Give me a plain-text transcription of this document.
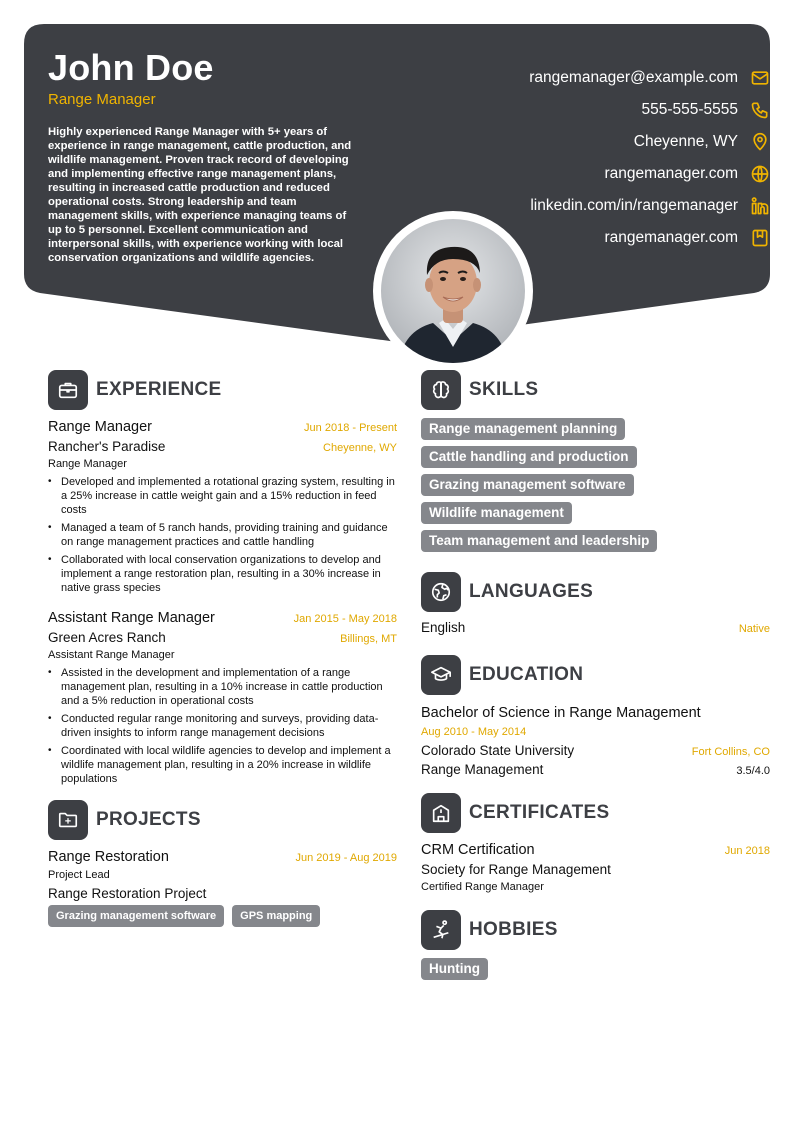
John Doe
Range Manager
Highly experienced Range Manager with 5+ years of experience in range management, cattle production, and wildlife management. Proven track record of developing and implementing effective range management plans, resulting in increased cattle production and reduced operational costs. Strong leadership and team management skills, with experience managing teams of up to 5 personnel. Excellent communication and interpersonal skills, with experience working with local conservation organizations and wildlife agencies.
rangemanager@example.com
555-555-5555
Cheyenne, WY
rangemanager.com
linkedin.com/in/rangemanager
rangemanager.com
EXPERIENCE
Range Manager	Jun 2018 - Present
Rancher's Paradise	Cheyenne, WY
Range Manager
• Developed and implemented a rotational grazing system, resulting in a 25% increase in cattle weight gain and a 15% reduction in feed costs
• Managed a team of 5 ranch hands, providing training and guidance on range management practices and cattle handling
• Collaborated with local conservation organizations to develop and implement a range restoration plan, resulting in a 30% increase in native grass species
Assistant Range Manager	Jan 2015 - May 2018
Green Acres Ranch	Billings, MT
Assistant Range Manager
• Assisted in the development and implementation of a range management plan, resulting in a 10% increase in cattle production and a 5% reduction in operational costs
• Conducted regular range monitoring and surveys, providing data-driven insights to inform range management decisions
• Coordinated with local wildlife agencies to develop and implement a wildlife management plan, resulting in a 20% increase in wildlife populations
PROJECTS
Range Restoration	Jun 2019 - Aug 2019
Project Lead
Range Restoration Project
Grazing management software	GPS mapping
SKILLS
Range management planning
Cattle handling and production
Grazing management software
Wildlife management
Team management and leadership
LANGUAGES
English	Native
EDUCATION
Bachelor of Science in Range Management
Aug 2010 - May 2014
Colorado State University	Fort Collins, CO
Range Management	3.5/4.0
CERTIFICATES
CRM Certification	Jun 2018
Society for Range Management
Certified Range Manager
HOBBIES
Hunting
